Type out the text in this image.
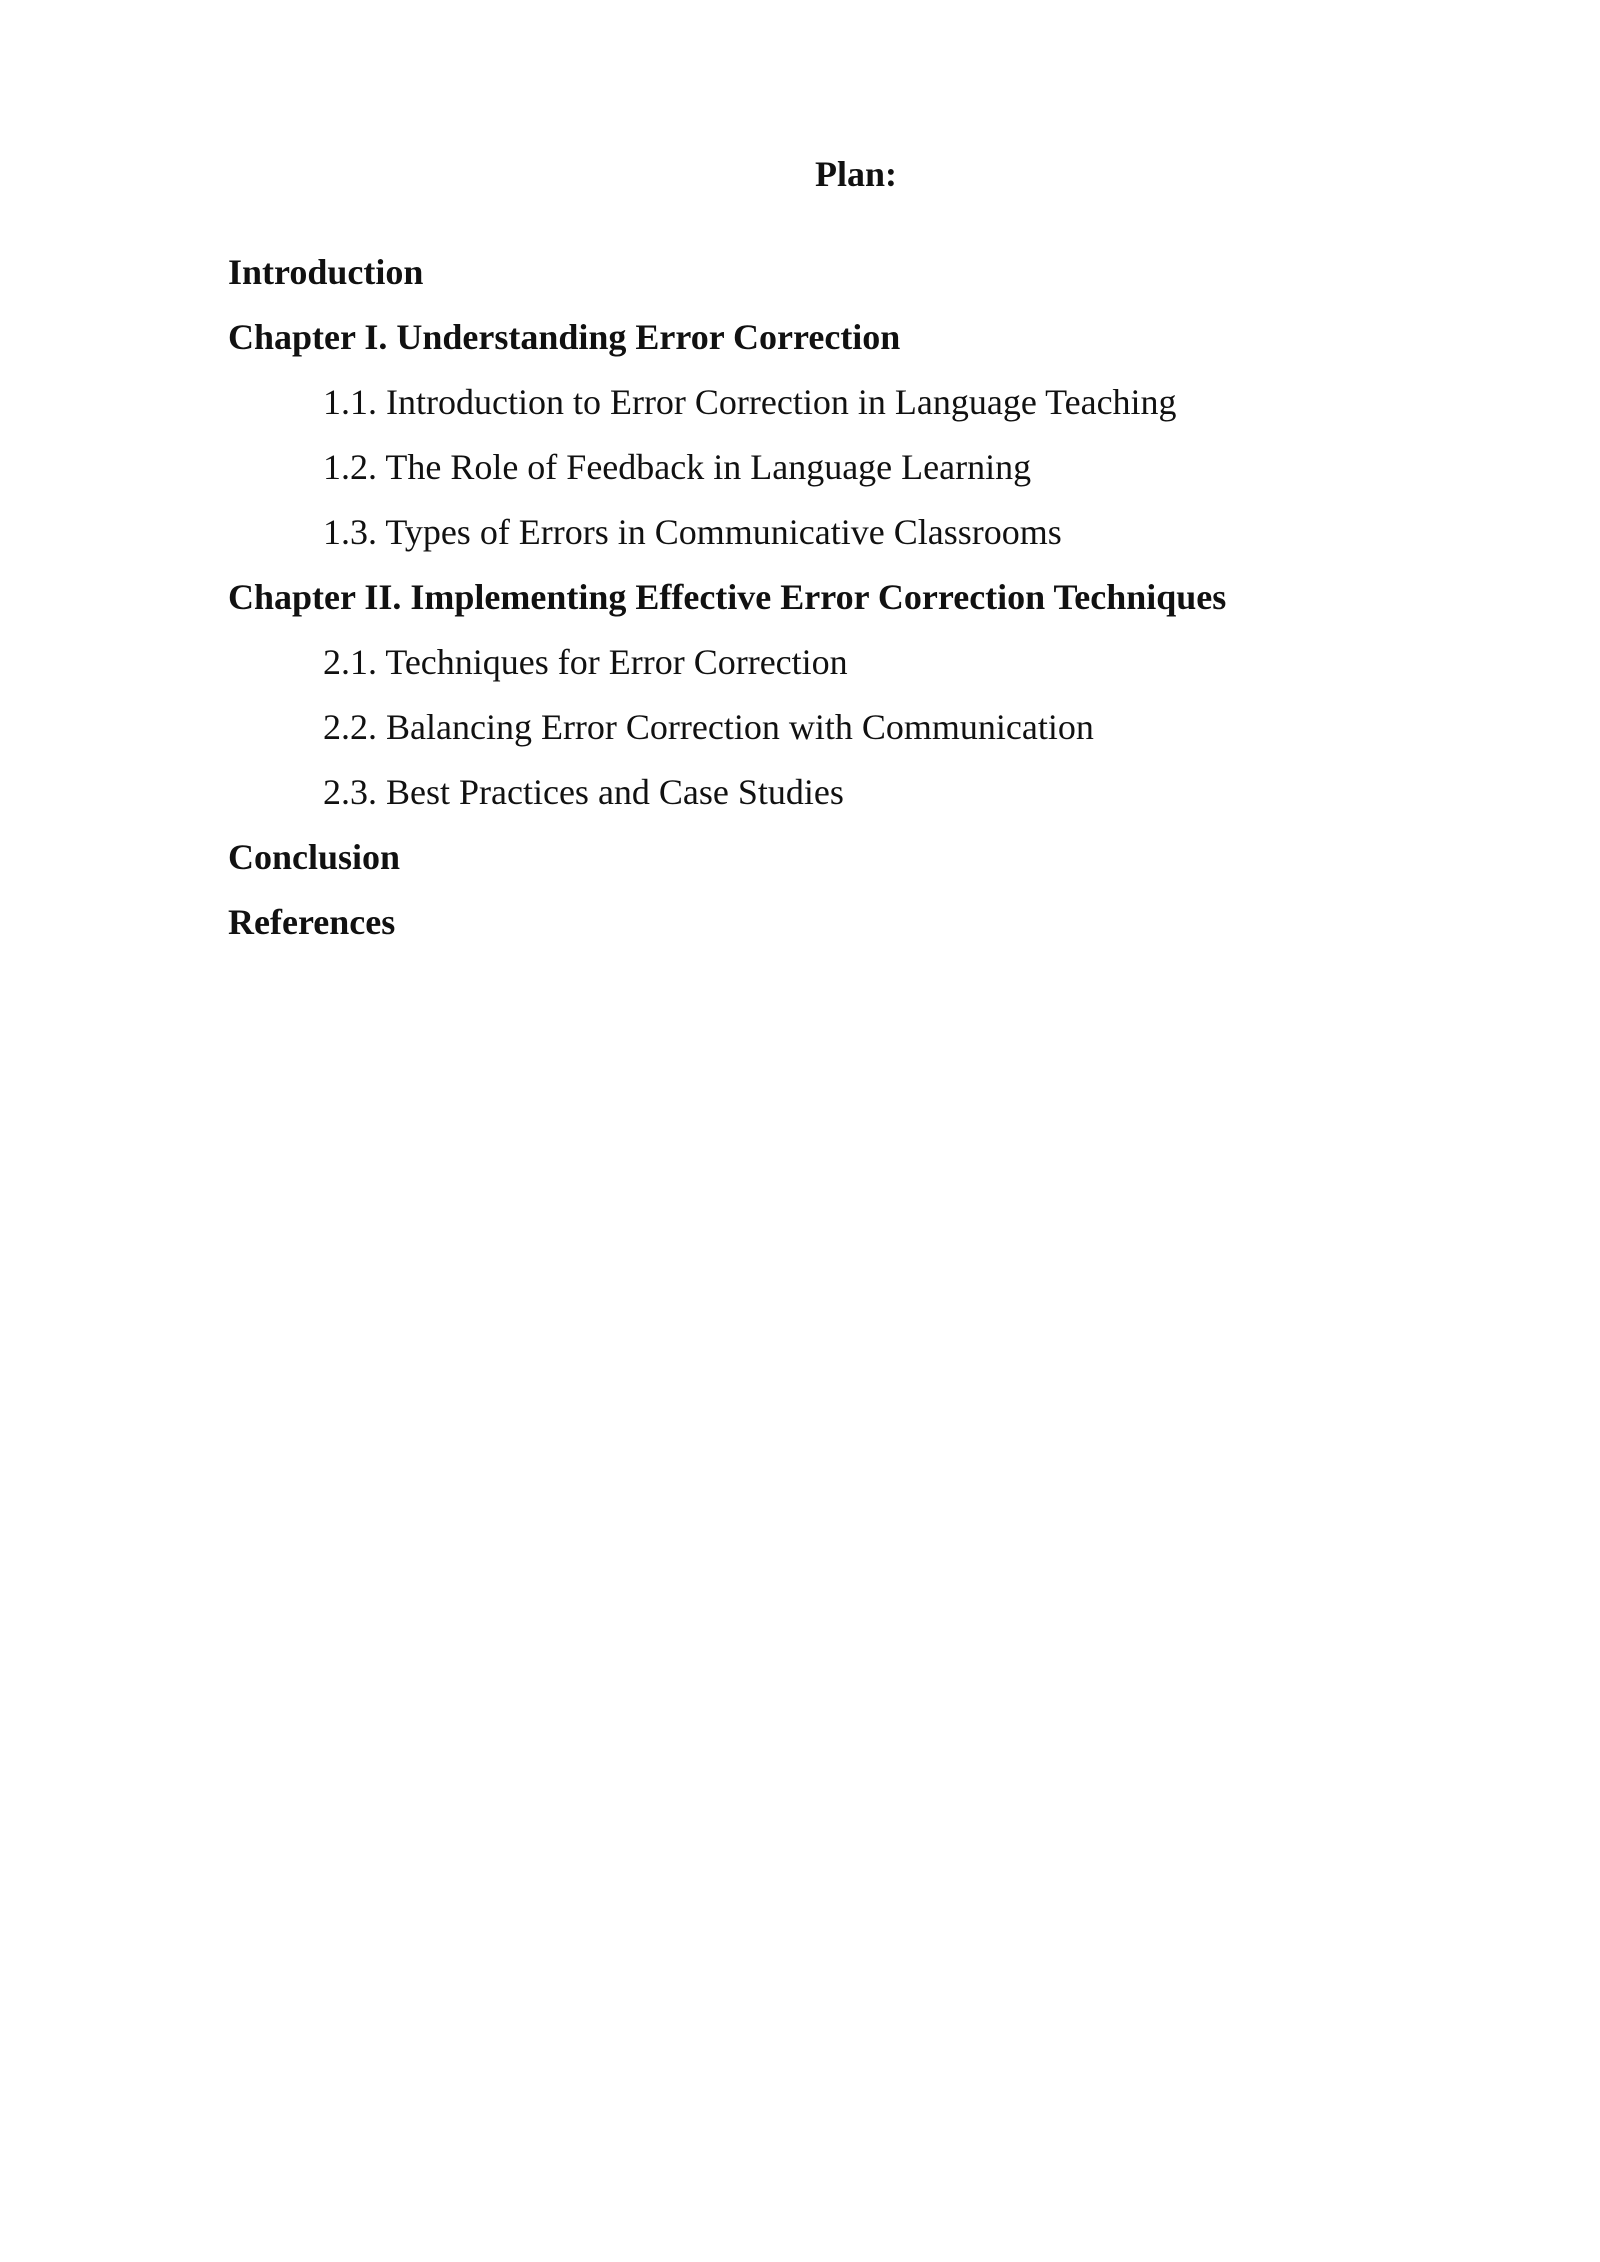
Plan:
Introduction
Chapter I. Understanding Error Correction
1.1. Introduction to Error Correction in Language Teaching
1.2. The Role of Feedback in Language Learning
1.3. Types of Errors in Communicative Classrooms
Chapter II. Implementing Effective Error Correction Techniques
2.1. Techniques for Error Correction
2.2. Balancing Error Correction with Communication
2.3. Best Practices and Case Studies
Conclusion
References
